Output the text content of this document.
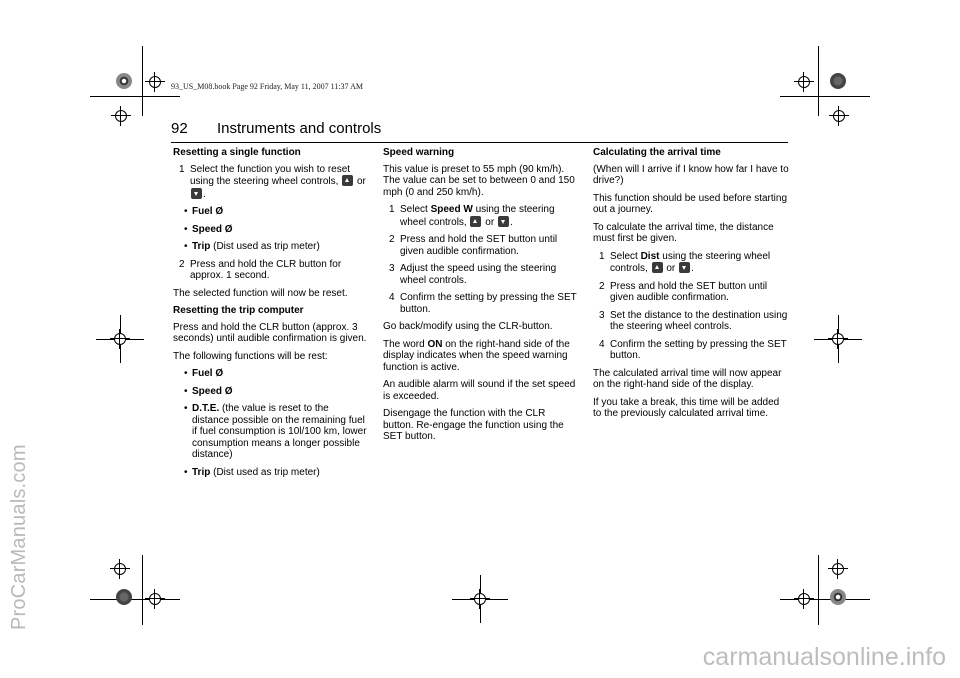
ProCarManuals.com
carmanualsonline.info
93_US_M08.book Page 92 Friday, May 11, 2007 11:37 AM
92 Instruments and controls
Resetting a single function
1 Select the function you wish to reset using the steering wheel controls,  or
.
• Fuel Ø
• Speed Ø
• Trip (Dist used as trip meter)
2 Press and hold the CLR button for approx. 1 second.
The selected function will now be reset.
Resetting the trip computer
Press and hold the CLR button (approx. 3 seconds) until audible confirmation is given.
The following functions will be rest:
• Fuel Ø
• Speed Ø
• D.T.E. (the value is reset to the distance possible on the remaining fuel if fuel consumption is 10l/100 km, lower consumption means a longer possible distance)
• Trip (Dist used as trip meter)
Speed warning
This value is preset to 55 mph (90 km/h). The value can be set to between 0 and 150 mph (0 and 250 km/h).
1 Select Speed W using the steering wheel controls,  or .
2 Press and hold the SET button until given audible confirmation.
3 Adjust the speed using the steering wheel controls.
4 Confirm the setting by pressing the SET button.
Go back/modify using the CLR-button.
The word ON on the right-hand side of the display indicates when the speed warning function is active.
An audible alarm will sound if the set speed is exceeded.
Disengage the function with the CLR button. Re-engage the function using the SET button.
Calculating the arrival time
(When will I arrive if I know how far I have to drive?)
This function should be used before starting out a journey.
To calculate the arrival time, the distance must first be given.
1 Select Dist using the steering wheel controls,  or .
2 Press and hold the SET button until given audible confirmation.
3 Set the distance to the destination using the steering wheel controls.
4 Confirm the setting by pressing the SET button.
The calculated arrival time will now appear on the right-hand side of the display.
If you take a break, this time will be added to the previously calculated arrival time.
